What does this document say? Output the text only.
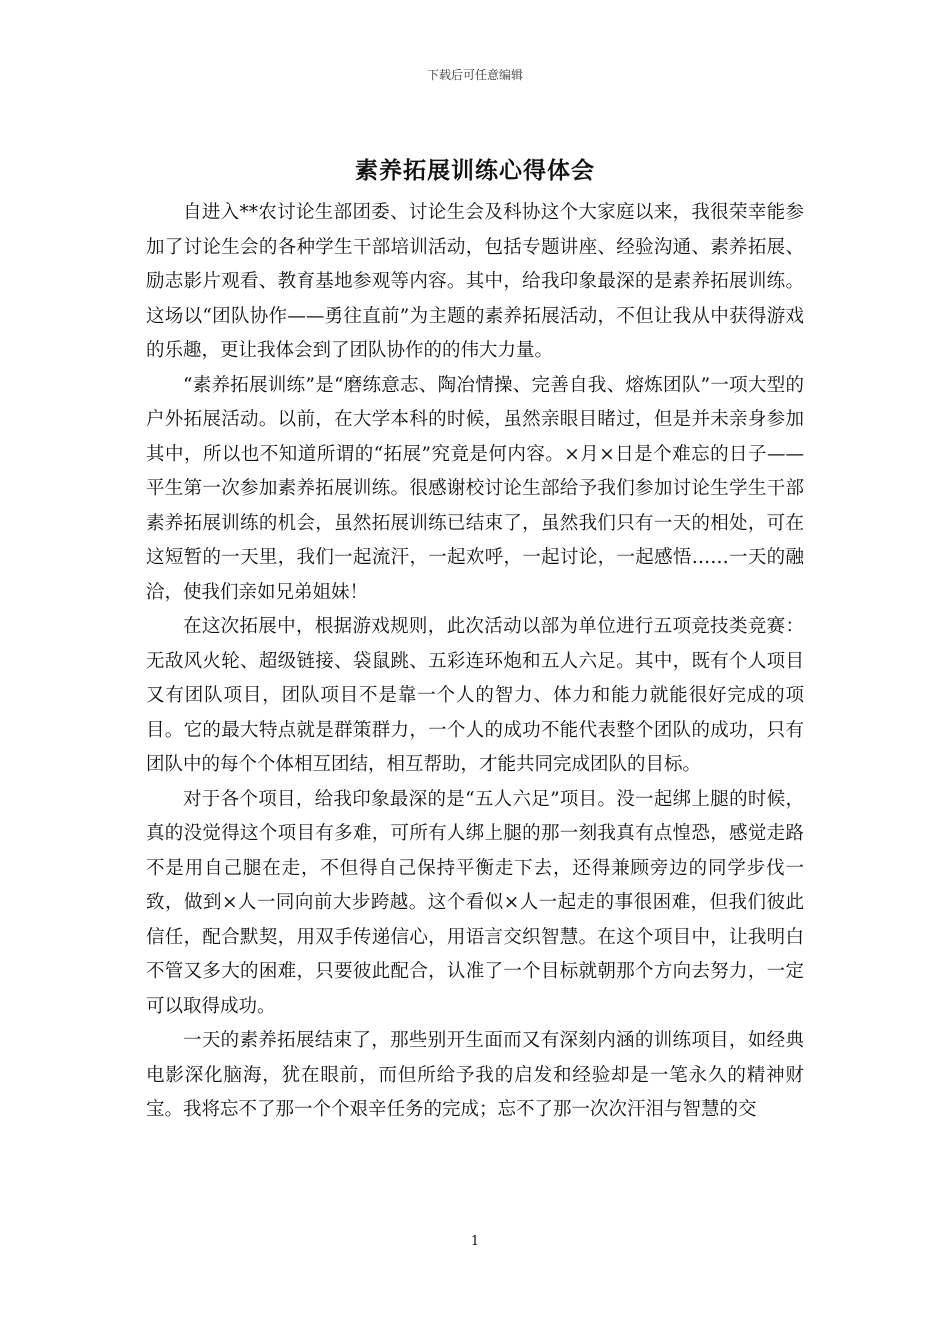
下载后可任意编辑
素养拓展训练心得体会

自进入**农讨论生部团委、讨论生会及科协这个大家庭以来，我很荣幸能参加了讨论生会的各种学生干部培训活动，包括专题讲座、经验沟通、素养拓展、励志影片观看、教育基地参观等内容。其中，给我印象最深的是素养拓展训练。这场以“团队协作——勇往直前”为主题的素养拓展活动，不但让我从中获得游戏的乐趣，更让我体会到了团队协作的的伟大力量。

“素养拓展训练”是“磨练意志、陶冶情操、完善自我、熔炼团队”一项大型的户外拓展活动。以前，在大学本科的时候，虽然亲眼目睹过，但是并未亲身参加其中，所以也不知道所谓的“拓展”究竟是何内容。×月×日是个难忘的日子——平生第一次参加素养拓展训练。很感谢校讨论生部给予我们参加讨论生学生干部素养拓展训练的机会，虽然拓展训练已结束了，虽然我们只有一天的相处，可在这短暂的一天里，我们一起流汗，一起欢呼，一起讨论，一起感悟……一天的融洽，使我们亲如兄弟姐妹！

在这次拓展中，根据游戏规则，此次活动以部为单位进行五项竞技类竞赛：无敌风火轮、超级链接、袋鼠跳、五彩连环炮和五人六足。其中，既有个人项目又有团队项目，团队项目不是靠一个人的智力、体力和能力就能很好完成的项目。它的最大特点就是群策群力，一个人的成功不能代表整个团队的成功，只有团队中的每个个体相互团结，相互帮助，才能共同完成团队的目标。

对于各个项目，给我印象最深的是“五人六足”项目。没一起绑上腿的时候，真的没觉得这个项目有多难，可所有人绑上腿的那一刻我真有点惶恐，感觉走路不是用自己腿在走，不但得自己保持平衡走下去，还得兼顾旁边的同学步伐一致，做到×人一同向前大步跨越。这个看似×人一起走的事很困难，但我们彼此信任，配合默契，用双手传递信心，用语言交织智慧。在这个项目中，让我明白不管又多大的困难，只要彼此配合，认准了一个目标就朝那个方向去努力，一定可以取得成功。

一天的素养拓展结束了，那些别开生面而又有深刻内涵的训练项目，如经典电影深化脑海，犹在眼前，而但所给予我的启发和经验却是一笔永久的精神财宝。我将忘不了那一个个艰辛任务的完成；忘不了那一次次汗泪与智慧的交

1
